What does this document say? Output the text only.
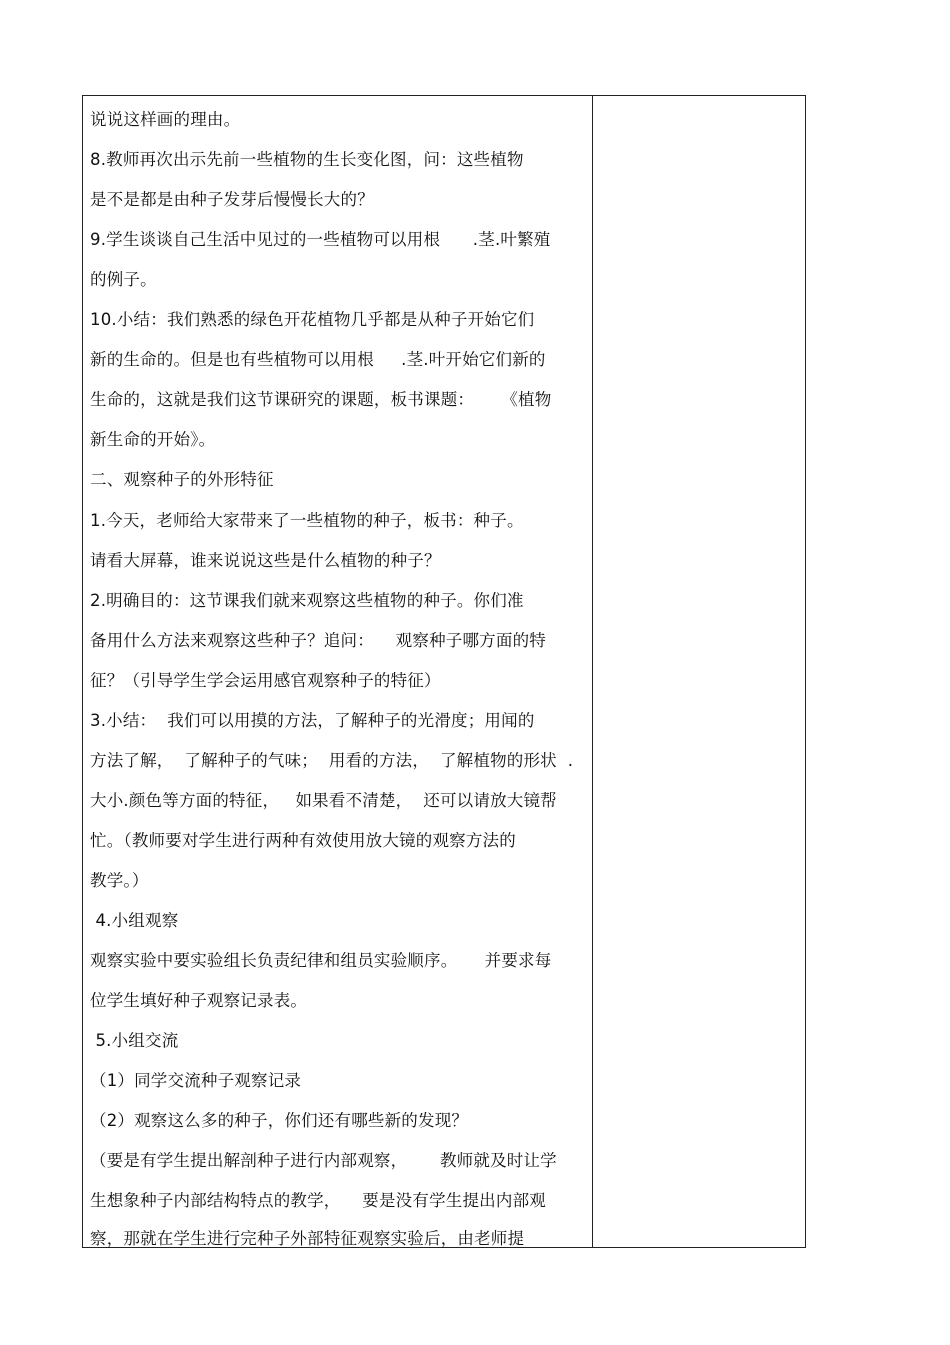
说说这样画的理由。
8.教师再次出示先前一些植物的生长变化图，问：这些植物
是不是都是由种子发芽后慢慢长大的？
9.学生谈谈自己生活中见过的一些植物可以用根      .茎.叶繁殖
的例子。
10.小结：我们熟悉的绿色开花植物几乎都是从种子开始它们
新的生命的。但是也有些植物可以用根     .茎.叶开始它们新的
生命的，这就是我们这节课研究的课题，板书课题：     《植物
新生命的开始》。
二、观察种子的外形特征
1.今天，老师给大家带来了一些植物的种子，板书：种子。
请看大屏幕，谁来说说这些是什么植物的种子？
2.明确目的：这节课我们就来观察这些植物的种子。你们准
备用什么方法来观察这些种子？追问：    观察种子哪方面的特
征？（引导学生学会运用感官观察种子的特征）
3.小结：  我们可以用摸的方法，了解种子的光滑度；用闻的
方法了解，  了解种子的气味；  用看的方法，  了解植物的形状  .
大小.颜色等方面的特征，   如果看不清楚，  还可以请放大镜帮
忙。（教师要对学生进行两种有效使用放大镜的观察方法的
教学。）
4.小组观察
观察实验中要实验组长负责纪律和组员实验顺序。     并要求每
位学生填好种子观察记录表。
5.小组交流
（1）同学交流种子观察记录
（2）观察这么多的种子，你们还有哪些新的发现？
（要是有学生提出解剖种子进行内部观察，      教师就及时让学
生想象种子内部结构特点的教学，    要是没有学生提出内部观
察，那就在学生进行完种子外部特征观察实验后，由老师提
